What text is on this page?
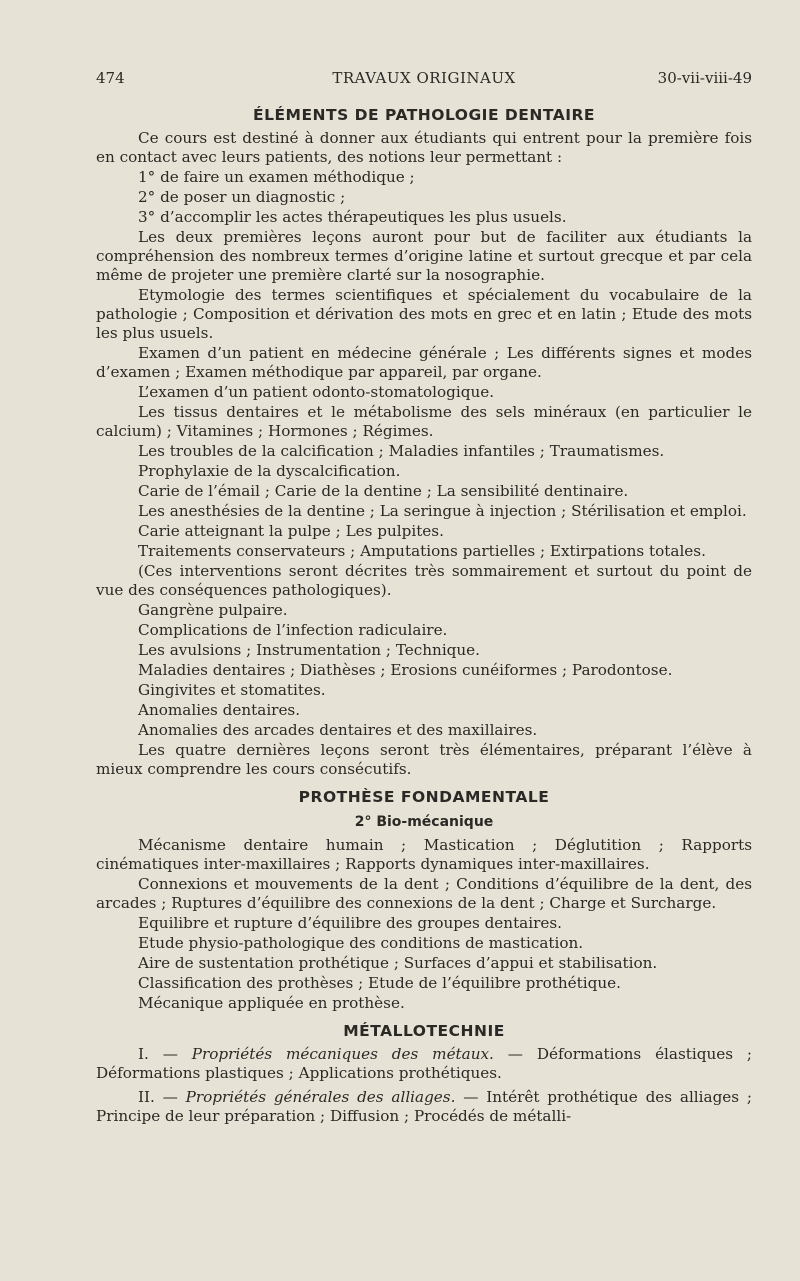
474	TRAVAUX ORIGINAUX	30-vii-viii-49
ÉLÉMENTS DE PATHOLOGIE DENTAIRE

Ce cours est destiné à donner aux étudiants qui entrent pour la première fois en contact avec leurs patients, des notions leur permettant :

1° de faire un examen méthodique ;

2° de poser un diagnostic ;

3° d’accomplir les actes thérapeutiques les plus usuels.

Les deux premières leçons auront pour but de faciliter aux étudiants la compréhension des nombreux termes d’origine latine et surtout grecque et par cela même de projeter une première clarté sur la nosographie.

Etymologie des termes scientifiques et spécialement du vocabulaire de la pathologie ; Composition et dérivation des mots en grec et en latin ; Etude des mots les plus usuels.

Examen d’un patient en médecine générale ; Les différents signes et modes d’examen ; Examen méthodique par appareil, par organe.

L’examen d’un patient odonto-stomatologique.

Les tissus dentaires et le métabolisme des sels minéraux (en particulier le calcium) ; Vitamines ; Hormones ; Régimes.

Les troubles de la calcification ; Maladies infantiles ; Traumatismes.

Prophylaxie de la dyscalcification.

Carie de l’émail ; Carie de la dentine ; La sensibilité dentinaire.

Les anesthésies de la dentine ; La seringue à injection ; Stérilisation et emploi.

Carie atteignant la pulpe ; Les pulpites.

Traitements conservateurs ; Amputations partielles ; Extirpations totales.

(Ces interventions seront décrites très sommairement et surtout du point de vue des conséquences pathologiques).

Gangrène pulpaire.

Complications de l’infection radiculaire.

Les avulsions ; Instrumentation ; Technique.

Maladies dentaires ; Diathèses ; Erosions cunéiformes ; Parodontose.

Gingivites et stomatites.

Anomalies dentaires.

Anomalies des arcades dentaires et des maxillaires.

Les quatre dernières leçons seront très élémentaires, préparant l’élève à mieux comprendre les cours consécutifs.

PROTHÈSE FONDAMENTALE
2° Bio-mécanique

Mécanisme dentaire humain ; Mastication ; Déglutition ; Rapports cinématiques inter-maxillaires ; Rapports dynamiques inter-maxillaires.

Connexions et mouvements de la dent ; Conditions d’équilibre de la dent, des arcades ; Ruptures d’équilibre des connexions de la dent ; Charge et Surcharge.

Equilibre et rupture d’équilibre des groupes dentaires.

Etude physio-pathologique des conditions de mastication.

Aire de sustentation prothétique ; Surfaces d’appui et stabilisation.

Classification des prothèses ; Etude de l’équilibre prothétique.

Mécanique appliquée en prothèse.

MÉTALLOTECHNIE

I. — Propriétés mécaniques des métaux. — Déformations élastiques ; Déformations plastiques ; Applications prothétiques.

II. — Propriétés générales des alliages. — Intérêt prothétique des alliages ; Principe de leur préparation ; Diffusion ; Procédés de métalli-
